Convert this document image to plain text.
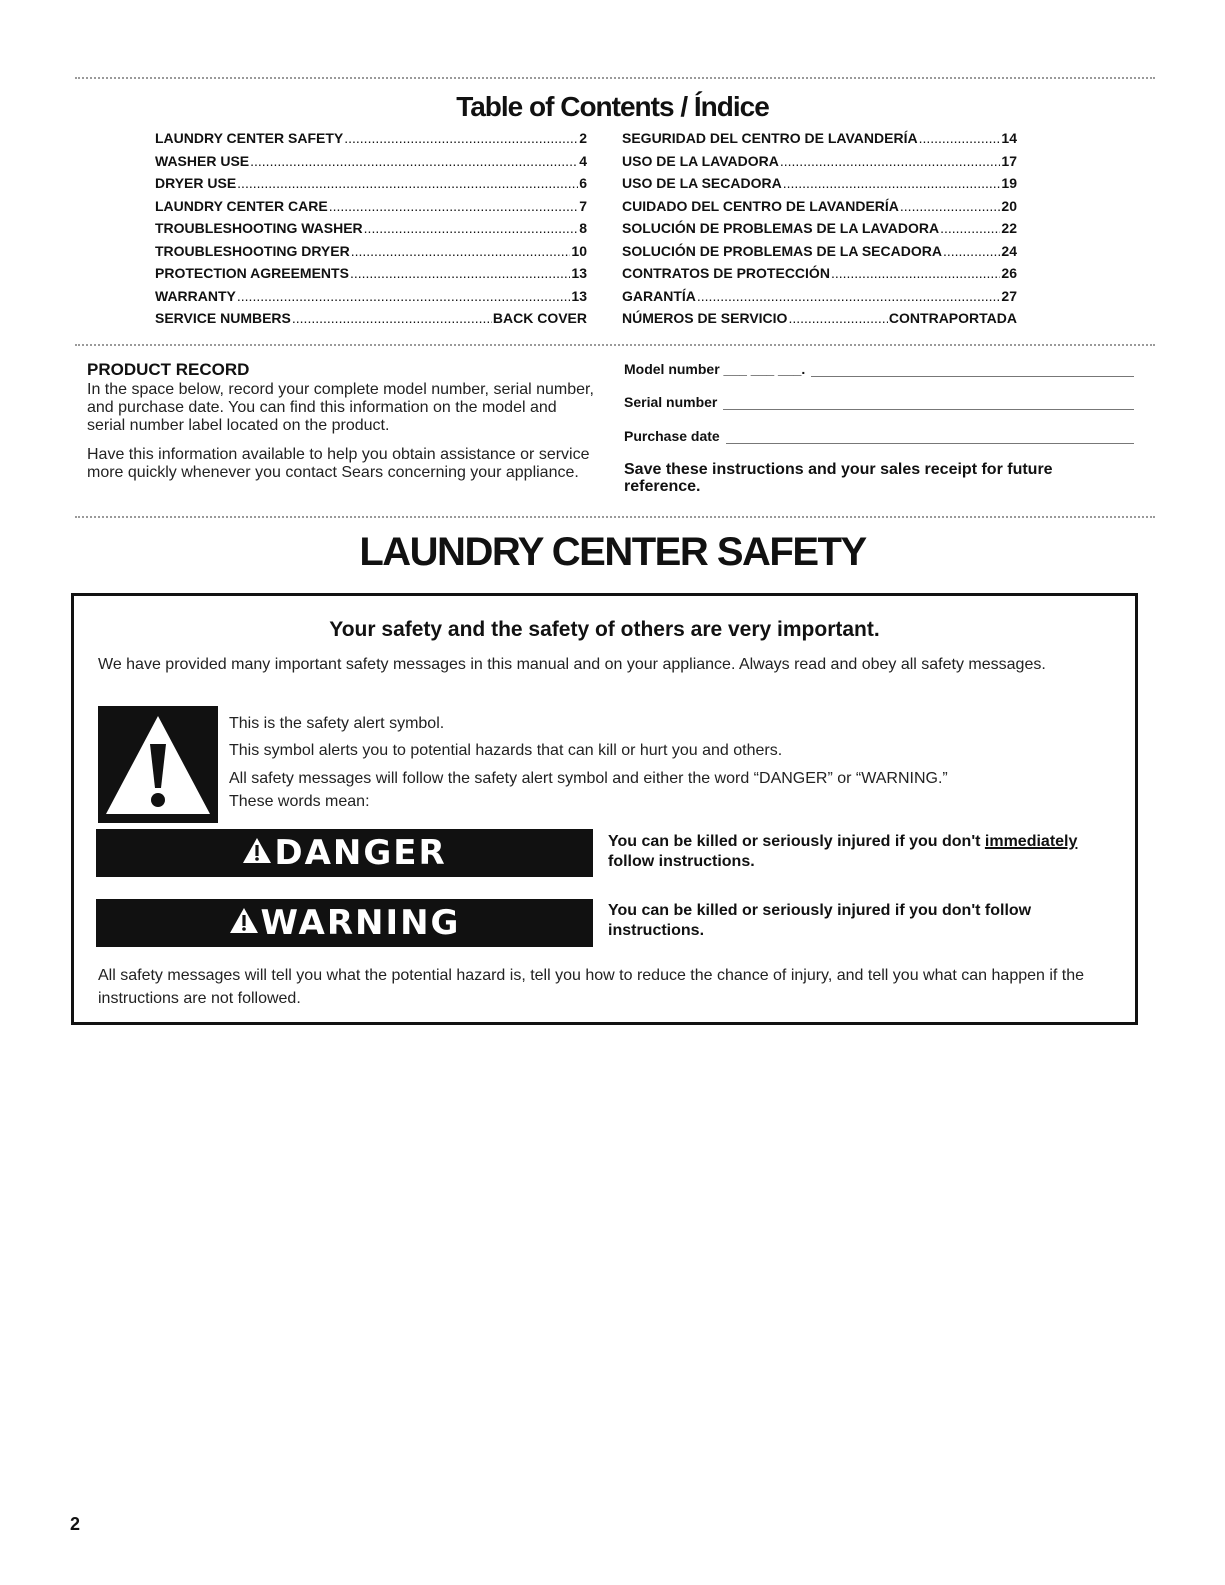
Table of Contents / Índice
LAUNDRY CENTER SAFETY .....	2
WASHER USE .....	4
DRYER USE .....	6
LAUNDRY CENTER CARE .....	7
TROUBLESHOOTING WASHER .....	8
TROUBLESHOOTING DRYER .....	10
PROTECTION AGREEMENTS .....	13
WARRANTY .....	13
SERVICE NUMBERS .....	BACK COVER
SEGURIDAD DEL CENTRO DE LAVANDERÍA .....	14
USO DE LA LAVADORA .....	17
USO DE LA SECADORA .....	19
CUIDADO DEL CENTRO DE LAVANDERÍA .....	20
SOLUCIÓN DE PROBLEMAS DE LA LAVADORA .....	22
SOLUCIÓN DE PROBLEMAS DE LA SECADORA .....	24
CONTRATOS DE PROTECCIÓN .....	26
GARANTÍA .....	27
NÚMEROS DE SERVICIO .....	CONTRAPORTADA
PRODUCT RECORD
In the space below, record your complete model number, serial number, and purchase date. You can find this information on the model and serial number label located on the product.
Have this information available to help you obtain assistance or service more quickly whenever you contact Sears concerning your appliance.
Model number ___ ___ ___.
Serial number
Purchase date
Save these instructions and your sales receipt for future reference.
LAUNDRY CENTER SAFETY
Your safety and the safety of others are very important.
We have provided many important safety messages in this manual and on your appliance. Always read and obey all safety messages.
This is the safety alert symbol.
This symbol alerts you to potential hazards that can kill or hurt you and others.
All safety messages will follow the safety alert symbol and either the word “DANGER” or “WARNING.”
These words mean:
DANGER	You can be killed or seriously injured if you don't immediately follow instructions.
WARNING	You can be killed or seriously injured if you don't follow instructions.
All safety messages will tell you what the potential hazard is, tell you how to reduce the chance of injury, and tell you what can happen if the instructions are not followed.
2
